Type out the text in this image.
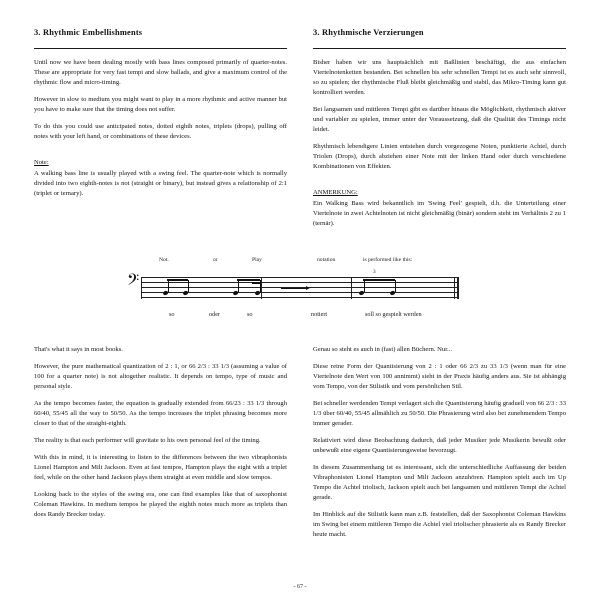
3. Rhythmic Embellishments

Until now we have been dealing mostly with bass lines composed primarily of quarter-notes. These are appropriate for very fast tempi and slow ballads, and give a maximum control of the rhythmic flow and micro-timing.

However in slow to medium you might want to play in a more rhythmic and active manner but you have to make sure that the timing does not suffer.

To do this you could use anticipated notes, dotted eighth notes, triplets (drops), pulling off notes with your left hand, or combinations of these devices.

Note:

A walking bass line is usually played with a swing feel. The quarter-note which is normally divided into two eighth-notes is not (straight or binary), but instead gives a relationship of 2:1 (triplet or ternary).

3. Rhythmische Verzierungen

Bisher haben wir uns hauptsächlich mit Baßlinien beschäftigt, die aus einfachen Viertelnotenketten bestanden. Bei schnellen bis sehr schnellen Tempi ist es auch sehr sinnvoll, so zu spielen; der rhythmische Fluß bleibt gleichmäßig und stabil, das Mikro-Timing kann gut kontrolliert werden.

Bei langsamen und mittleren Tempi gibt es darüber hinaus die Möglichkeit, rhythmisch aktiver und variabler zu spielen, immer unter der Voraussetzung, daß die Qualität des Timings nicht leidet.

Rhythmisch lebendigere Linien entstehen durch vorgezogene Noten, punktierte Achtel, durch Triolen (Drops), durch abziehen einer Note mit der linken Hand oder durch verschiedene Kombinationen von Effekten.

ANMERKUNG:

Ein Walking Bass wird bekanntlich im 'Swing Feel' gespielt, d.h. die Unterteilung einer Viertelnote in zwei Achtelnoten ist nicht gleichmäßig (binär) sondern steht im Verhältnis 2 zu 1 (ternär).

Not.	or	Play	notation	is performed like this:
𝄢	3
so	oder	so	notiert	soll so gespielt werden

That's what it says in most books.

However, the pure mathematical quantization of 2 : 1, or 66 2/3 : 33 1/3 (assuming a value of 100 for a quarter note) is not altogether realistic. It depends on tempo, type of music and personal style.

As the tempo becomes faster, the equation is gradually extended from 66/23 : 33 1/3 through 60/40, 55/45 all the way to 50/50. As the tempo increases the triplet phrasing becomes more closer to that of the straight-eighth.

The reality is that each performer will gravitate to his own personal feel of the timing.

With this in mind, it is interesting to listen to the differences between the two vibraphonists Lionel Hampton and Milt Jackson. Even at fast tempos, Hampton plays the eight with a triplet feel, while on the other hand Jackson plays them straight at even middle and slow tempos.

Looking back to the styles of the swing era, one can find examples like that of saxophonist Coleman Hawkins. In medium tempos he played the eighth notes much more as triplets than does Randy Brecker today.

Genau so steht es auch in (fast) allen Büchern. Nur...

Diese reine Form der Quantisierung von 2 : 1 oder 66 2/3 zu 33 1/3 (wenn man für eine Viertelnote den Wert von 100 annimmt) sieht in der Praxis häufig anders aus. Sie ist abhängig vom Tempo, von der Stilistik und vom persönlichen Stil.

Bei schneller werdenden Tempi verlagert sich die Quantisierung häufig graduell von 66 2/3 : 33 1/3 über 60/40, 55/45 allmählich zu 50/50. Die Phrasierung wird also bei zunehmendem Tempo immer gerader.

Relativiert wird diese Beobachtung dadurch, daß jeder Musiker jede Musikerin bewußt oder unbewußt eine eigene Quantisierungsweise bevorzugt.

In diesem Zusammenhang ist es interessant, sich die unterschiedliche Auffassung der beiden Vibraphonisten Lionel Hampton und Milt Jackson anzuhören. Hampton spielt auch im Up Tempo die Achtel triolisch, Jackson spielt auch bei langsamen und mittleren Tempi die Achtel gerade.

Im Hinblick auf die Stilistik kann man z.B. feststellen, daß der Saxophonist Coleman Hawkins im Swing bei einem mittleren Tempo die Achtel viel triolischer phrasierte als es Randy Brecker heute macht.

- 67 -
